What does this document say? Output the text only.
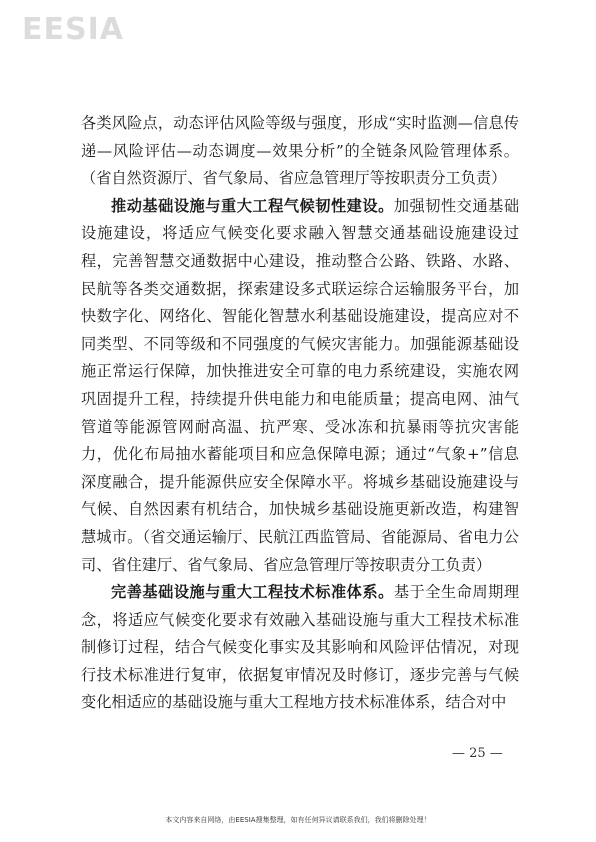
EESIA

各类风险点，动态评估风险等级与强度，形成“实时监测—信息传递—风险评估—动态调度—效果分析”的全链条风险管理体系。（省自然资源厅、省气象局、省应急管理厅等按职责分工负责）

推动基础设施与重大工程气候韧性建设。加强韧性交通基础设施建设，将适应气候变化要求融入智慧交通基础设施建设过程，完善智慧交通数据中心建设，推动整合公路、铁路、水路、民航等各类交通数据，探索建设多式联运综合运输服务平台，加快数字化、网络化、智能化智慧水利基础设施建设，提高应对不同类型、不同等级和不同强度的气候灾害能力。加强能源基础设施正常运行保障，加快推进安全可靠的电力系统建设，实施农网巩固提升工程，持续提升供电能力和电能质量；提高电网、油气管道等能源管网耐高温、抗严寒、受冰冻和抗暴雨等抗灾害能力，优化布局抽水蓄能项目和应急保障电源；通过“气象+”信息深度融合，提升能源供应安全保障水平。将城乡基础设施建设与气候、自然因素有机结合，加快城乡基础设施更新改造，构建智慧城市。（省交通运输厅、民航江西监管局、省能源局、省电力公司、省住建厅、省气象局、省应急管理厅等按职责分工负责）

完善基础设施与重大工程技术标准体系。基于全生命周期理念，将适应气候变化要求有效融入基础设施与重大工程技术标准制修订过程，结合气候变化事实及其影响和风险评估情况，对现行技术标准进行复审，依据复审情况及时修订，逐步完善与气候变化相适应的基础设施与重大工程地方技术标准体系，结合对中

— 25 —
本文内容来自网络，由EESIA搜集整理，如有任何异议请联系我们，我们将删除处理！
